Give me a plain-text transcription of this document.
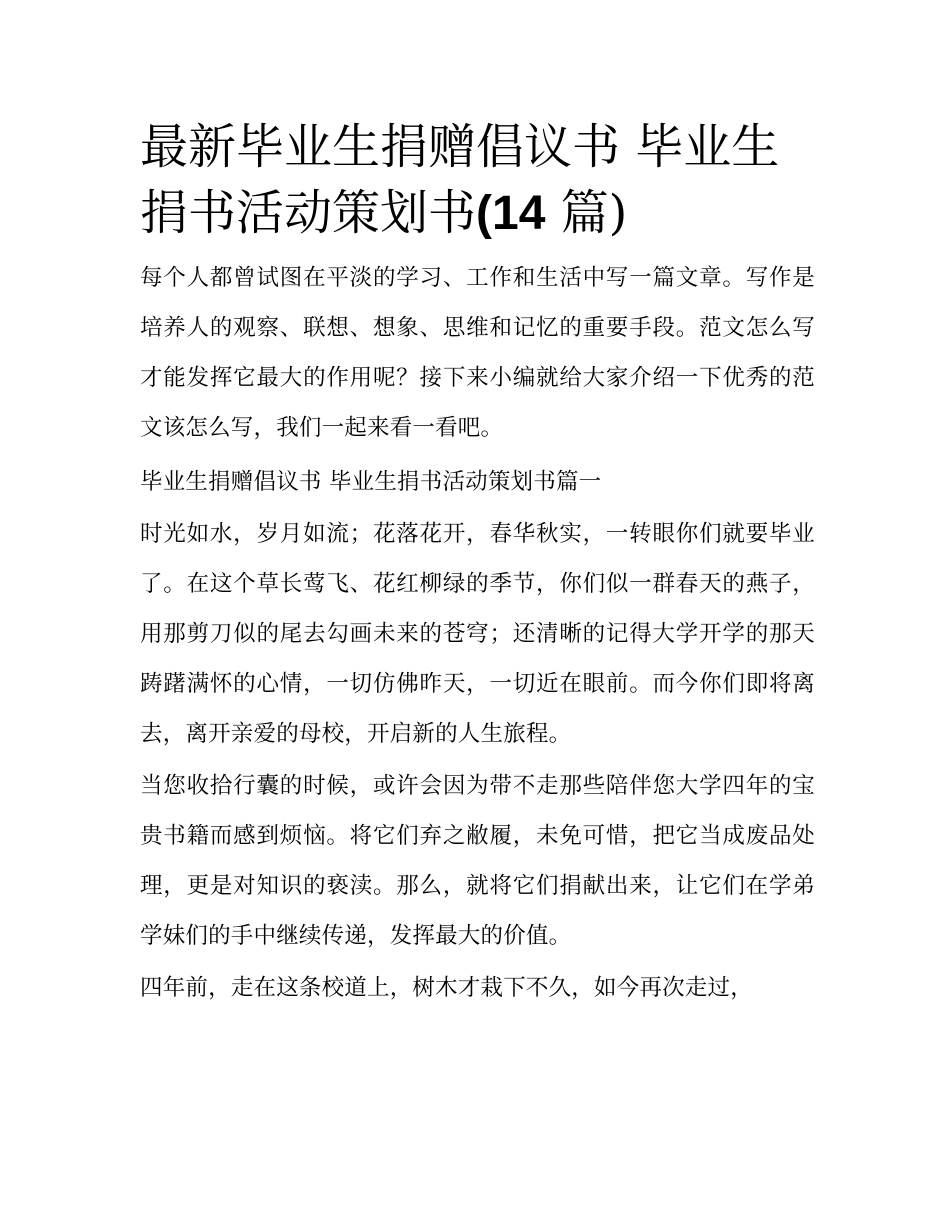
最新毕业生捐赠倡议书 毕业生
捐书活动策划书(14 篇)

每个人都曾试图在平淡的学习、工作和生活中写一篇文章。写作是培养人的观察、联想、想象、思维和记忆的重要手段。范文怎么写才能发挥它最大的作用呢？接下来小编就给大家介绍一下优秀的范文该怎么写，我们一起来看一看吧。

毕业生捐赠倡议书 毕业生捐书活动策划书篇一

时光如水，岁月如流；花落花开，春华秋实，一转眼你们就要毕业了。在这个草长莺飞、花红柳绿的季节，你们似一群春天的燕子，用那剪刀似的尾去勾画未来的苍穹；还清晰的记得大学开学的那天踌躇满怀的心情，一切仿佛昨天，一切近在眼前。而今你们即将离去，离开亲爱的母校，开启新的人生旅程。

当您收拾行囊的时候，或许会因为带不走那些陪伴您大学四年的宝贵书籍而感到烦恼。将它们弃之敝履，未免可惜，把它当成废品处理，更是对知识的亵渎。那么，就将它们捐献出来，让它们在学弟学妹们的手中继续传递，发挥最大的价值。

四年前，走在这条校道上，树木才栽下不久，如今再次走过，
